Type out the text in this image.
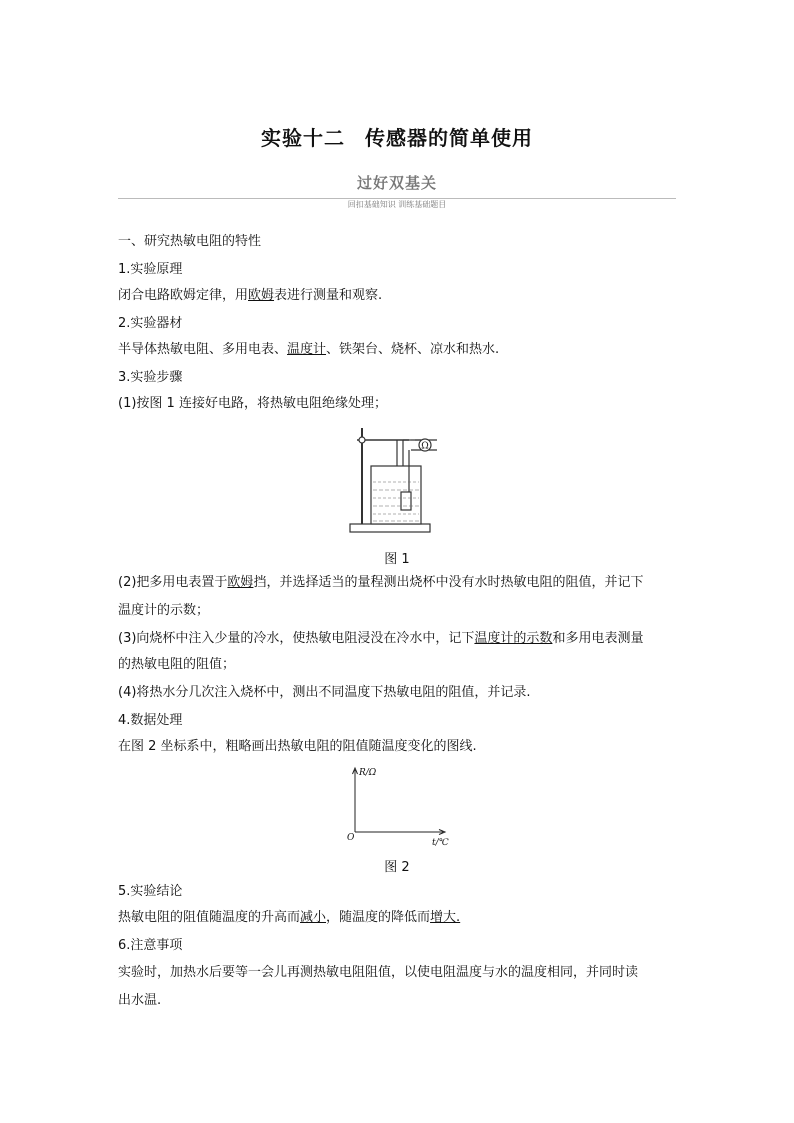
实验十二 传感器的简单使用
过好双基关
回扣基础知识 训练基础题目
一、研究热敏电阻的特性
1.实验原理
闭合电路欧姆定律，用欧姆表进行测量和观察.
2.实验器材
半导体热敏电阻、多用电表、温度计、铁架台、烧杯、凉水和热水.
3.实验步骤
(1)按图 1 连接好电路，将热敏电阻绝缘处理；
Ω
图 1
(2)把多用电表置于欧姆挡，并选择适当的量程测出烧杯中没有水时热敏电阻的阻值，并记下
温度计的示数；
(3)向烧杯中注入少量的冷水，使热敏电阻浸没在冷水中，记下温度计的示数和多用电表测量
的热敏电阻的阻值；
(4)将热水分几次注入烧杯中，测出不同温度下热敏电阻的阻值，并记录.
4.数据处理
在图 2 坐标系中，粗略画出热敏电阻的阻值随温度变化的图线.
R/Ω
O	t/℃
图 2
5.实验结论
热敏电阻的阻值随温度的升高而减小，随温度的降低而增大.
6.注意事项
实验时，加热水后要等一会儿再测热敏电阻阻值，以使电阻温度与水的温度相同，并同时读
出水温.
